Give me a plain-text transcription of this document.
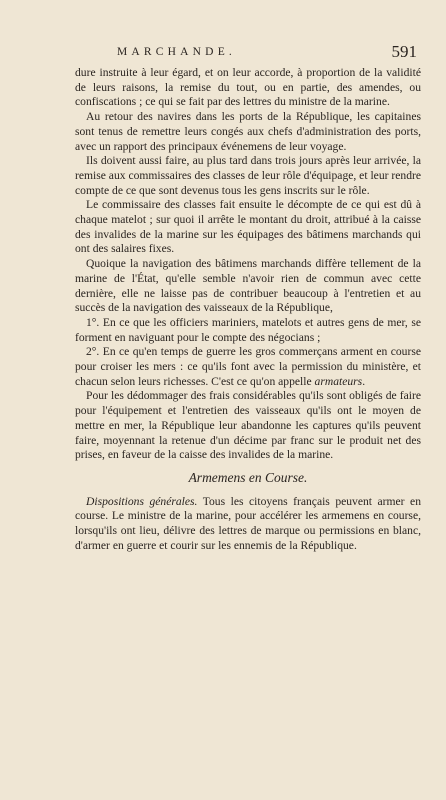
MARCHANDE.	591

dure instruite à leur égard, et on leur accorde, à proportion de la validité de leurs raisons, la remise du tout, ou en partie, des amendes, ou confiscations ; ce qui se fait par des lettres du ministre de la marine.

Au retour des navires dans les ports de la République, les capitaines sont tenus de remettre leurs congés aux chefs d'administration des ports, avec un rapport des principaux événemens de leur voyage.

Ils doivent aussi faire, au plus tard dans trois jours après leur arrivée, la remise aux commissaires des classes de leur rôle d'équipage, et leur rendre compte de ce que sont devenus tous les gens inscrits sur le rôle.

Le commissaire des classes fait ensuite le décompte de ce qui est dû à chaque matelot ; sur quoi il arrête le montant du droit, attribué à la caisse des invalides de la marine sur les équipages des bâtimens marchands qui ont des salaires fixes.

Quoique la navigation des bâtimens marchands diffère tellement de la marine de l'État, qu'elle semble n'avoir rien de commun avec cette dernière, elle ne laisse pas de contribuer beaucoup à l'entretien et au succès de la navigation des vaisseaux de la République,

1°. En ce que les officiers mariniers, matelots et autres gens de mer, se forment en naviguant pour le compte des négocians ;

2°. En ce qu'en temps de guerre les gros commerçans arment en course pour croiser les mers : ce qu'ils font avec la permission du ministère, et chacun selon leurs richesses. C'est ce qu'on appelle armateurs.

Pour les dédommager des frais considérables qu'ils sont obligés de faire pour l'équipement et l'entretien des vaisseaux qu'ils ont le moyen de mettre en mer, la République leur abandonne les captures qu'ils peuvent faire, moyennant la retenue d'un décime par franc sur le produit net des prises, en faveur de la caisse des invalides de la marine.

Armemens en Course.

Dispositions générales. Tous les citoyens français peuvent armer en course. Le ministre de la marine, pour accélérer les armemens en course, lorsqu'ils ont lieu, délivre des lettres de marque ou permissions en blanc, d'armer en guerre et courir sur les ennemis de la République.
